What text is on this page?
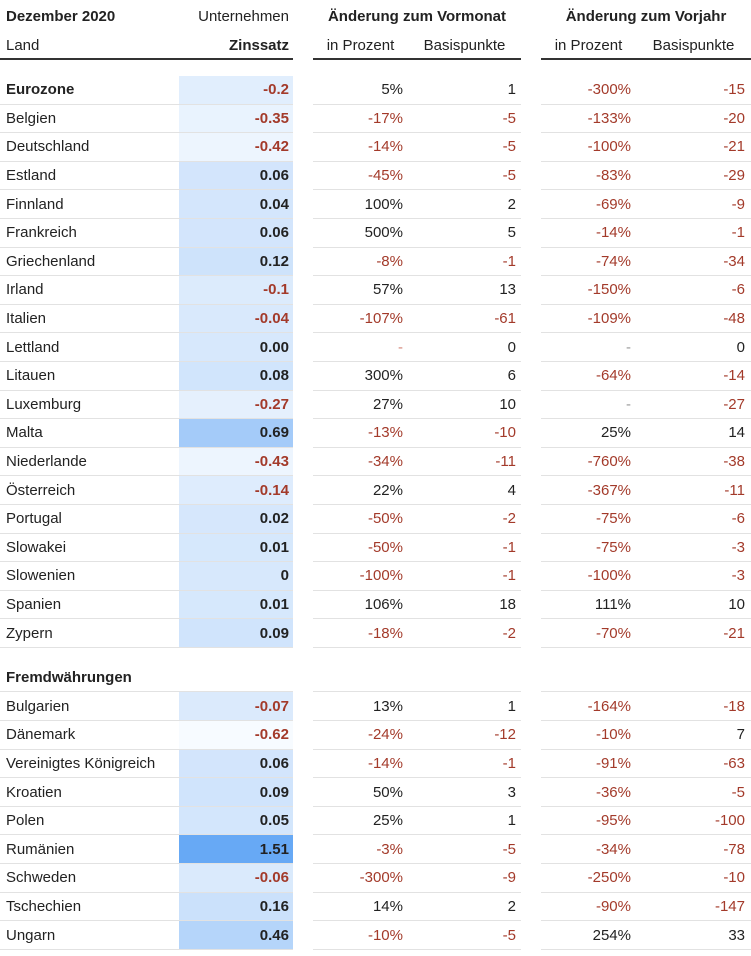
Dezember 2020	Unternehmen	Änderung zum Vormonat	Änderung zum Vorjahr
Land	Zinssatz	in Prozent	Basispunkte	in Prozent	Basispunkte
Eurozone	-0.2	5%	1	-300%	-15
Belgien	-0.35	-17%	-5	-133%	-20
Deutschland	-0.42	-14%	-5	-100%	-21
Estland	0.06	-45%	-5	-83%	-29
Finnland	0.04	100%	2	-69%	-9
Frankreich	0.06	500%	5	-14%	-1
Griechenland	0.12	-8%	-1	-74%	-34
Irland	-0.1	57%	13	-150%	-6
Italien	-0.04	-107%	-61	-109%	-48
Lettland	0.00	-	0	-	0
Litauen	0.08	300%	6	-64%	-14
Luxemburg	-0.27	27%	10	-	-27
Malta	0.69	-13%	-10	25%	14
Niederlande	-0.43	-34%	-11	-760%	-38
Österreich	-0.14	22%	4	-367%	-11
Portugal	0.02	-50%	-2	-75%	-6
Slowakei	0.01	-50%	-1	-75%	-3
Slowenien	0	-100%	-1	-100%	-3
Spanien	0.01	106%	18	111%	10
Zypern	0.09	-18%	-2	-70%	-21
Fremdwährungen
Bulgarien	-0.07	13%	1	-164%	-18
Dänemark	-0.62	-24%	-12	-10%	7
Vereinigtes Königreich	0.06	-14%	-1	-91%	-63
Kroatien	0.09	50%	3	-36%	-5
Polen	0.05	25%	1	-95%	-100
Rumänien	1.51	-3%	-5	-34%	-78
Schweden	-0.06	-300%	-9	-250%	-10
Tschechien	0.16	14%	2	-90%	-147
Ungarn	0.46	-10%	-5	254%	33
